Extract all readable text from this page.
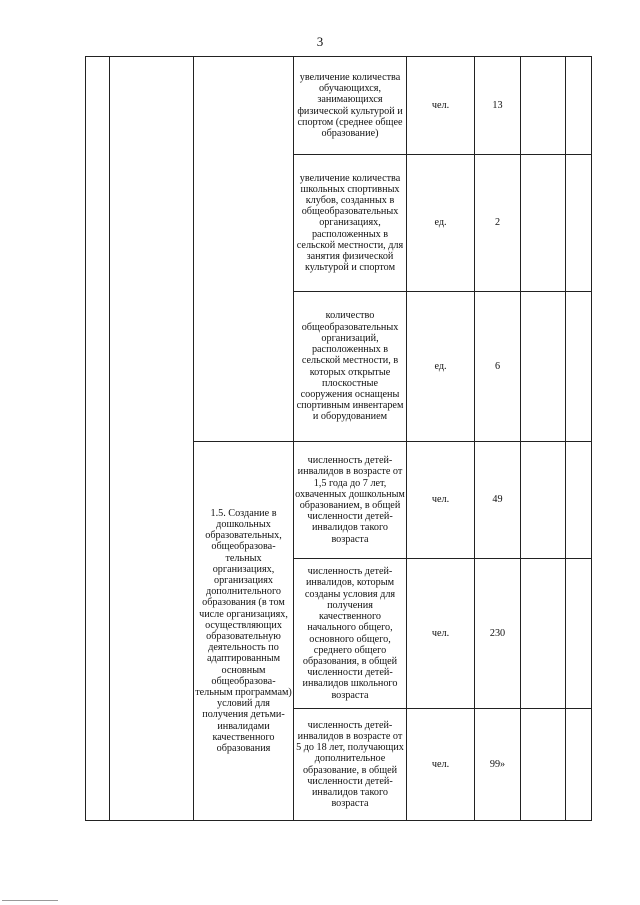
3
			увеличение количества обучающихся, занимающихся физической культурой и спортом (среднее общее образование)	чел.	13		
			увеличение количества школьных спортивных клубов, созданных в общеобразовательных организациях, расположенных в сельской местности, для занятия физической культурой и спортом	ед.	2		
			количество общеобразовательных организаций, расположенных в сельской местности, в которых открытые плоскостные сооружения оснащены спортивным инвентарем и оборудованием	ед.	6		
		1.5. Создание в дошкольных образовательных, общеобразова-тельных организациях, организациях дополнительного образования (в том числе организациях, осуществляющих образовательную деятельность по адаптированным основным общеобразова-тельным программам) условий для получения детьми-инвалидами качественного образования	численность детей-инвалидов в возрасте от 1,5 года до 7 лет, охваченных дошкольным образованием, в общей численности детей-инвалидов такого возраста	чел.	49		
			численность детей-инвалидов, которым созданы условия для получения качественного начального общего, основного общего, среднего общего образования, в общей численности детей-инвалидов школьного возраста	чел.	230		
			численность детей-инвалидов в возрасте от 5 до 18 лет, получающих дополнительное образование, в общей численности детей-инвалидов такого возраста	чел.	99»		
